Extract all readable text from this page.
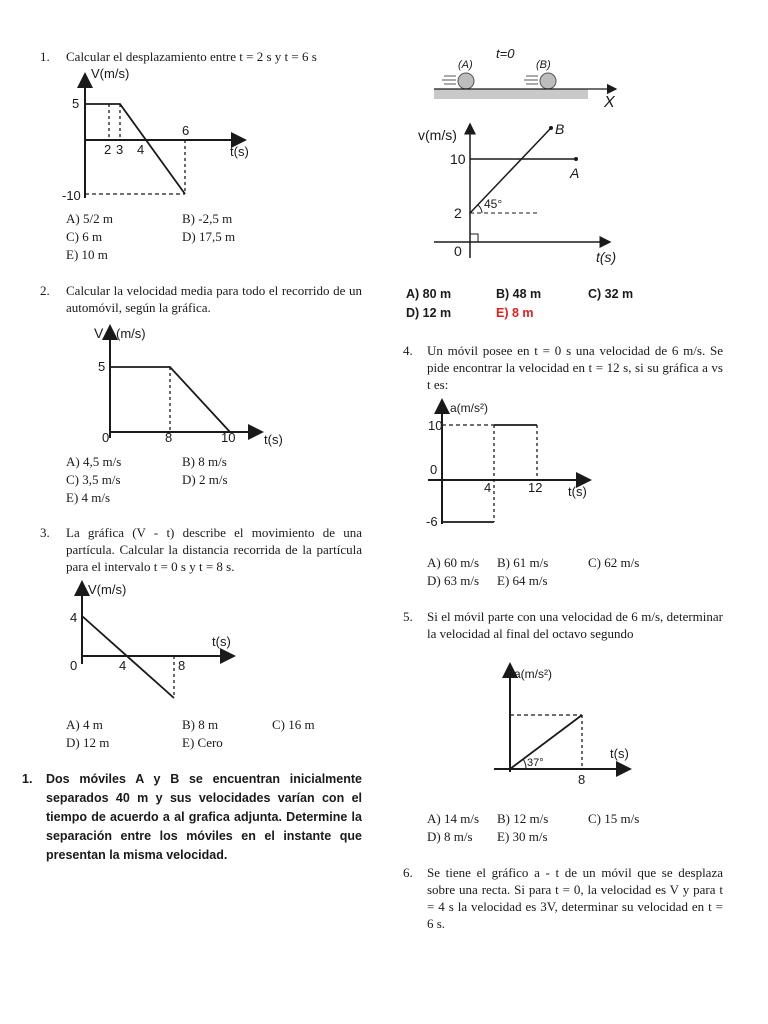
1. Calcular el desplazamiento entre t = 2 s y t = 6 s
V(m/s)
t(s)
5
-10
2 3 4
6
A) 5/2 m	B) -2,5 m
C) 6 m	D) 17,5 m
E) 10 m
2. Calcular la velocidad media para todo el recorrido de un automóvil, según la gráfica.
V (m/s)
t(s)
5
0	8	10
A) 4,5 m/s	B) 8 m/s
C) 3,5 m/s	D) 2 m/s
E) 4 m/s
3. La gráfica (V - t) describe el movimiento de una partícula. Calcular la distancia recorrida de la partícula para el intervalo t = 0 s y t = 8 s.
V(m/s)
t(s)
4
0	4	8
A) 4 m	B) 8 m	C) 16 m
D) 12 m	E) Cero
1. Dos móviles A y B se encuentran inicialmente separados 40 m y sus velocidades varían con el tiempo de acuerdo a al grafica adjunta. Determine la separación entre los móviles en el instante que presentan la misma velocidad.
t=0
(A)	(B)
X
v(m/s)
t(s)
10
2
0
A
B
45°
A) 80 m	B) 48 m	C) 32 m
D) 12 m	E) 8 m
4. Un móvil posee en t = 0 s una velocidad de 6 m/s. Se pide encontrar la velocidad en t = 12 s, si su gráfica a vs t es:
a(m/s²)
t(s)
10
0
-6
4	12
A) 60 m/s B) 61 m/s	C) 62 m/s
D) 63 m/s E) 64 m/s
5. Si el móvil parte con una velocidad de 6 m/s, determinar la velocidad al final del octavo segundo
a(m/s²)
t(s)
8
37°
A) 14 m/s B) 12 m/s	C) 15 m/s
D) 8 m/s E) 30 m/s
6. Se tiene el gráfico a - t de un móvil que se desplaza sobre una recta. Si para t = 0, la velocidad es V y para t = 4 s la velocidad es 3V, determinar su velocidad en t = 6 s.
